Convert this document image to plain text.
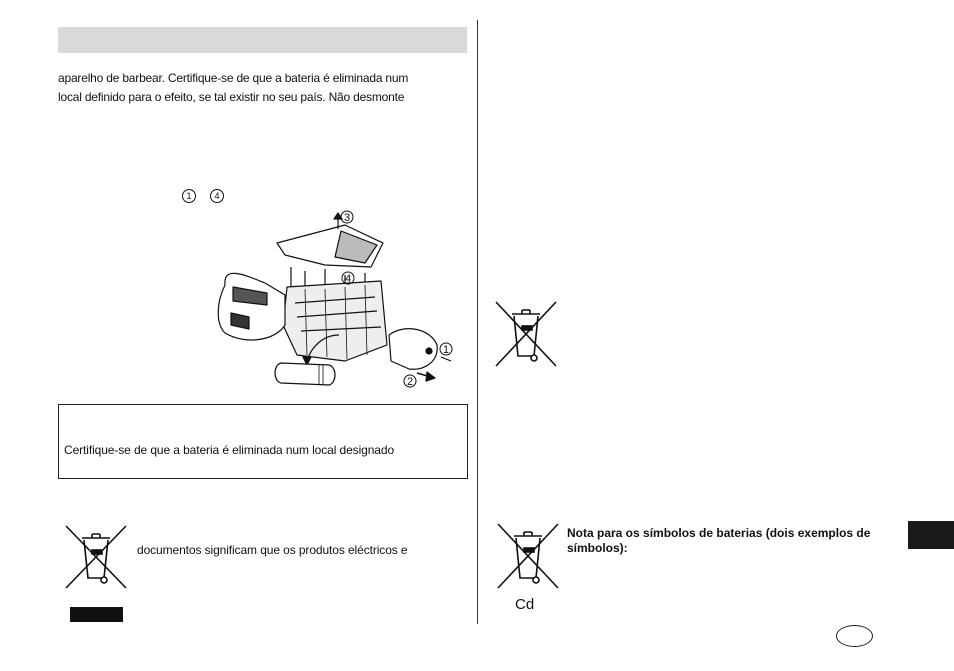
aparelho de barbear. Certifique-se de que a bateria é eliminada num
local definido para o efeito, se tal existir no seu país. Não desmonte
1	4
3
4
1
2
Certifique-se de que a bateria é eliminada num local designado
documentos significam que os produtos eléctricos e
Cd
Nota para os símbolos de baterias (dois exemplos de símbolos):
